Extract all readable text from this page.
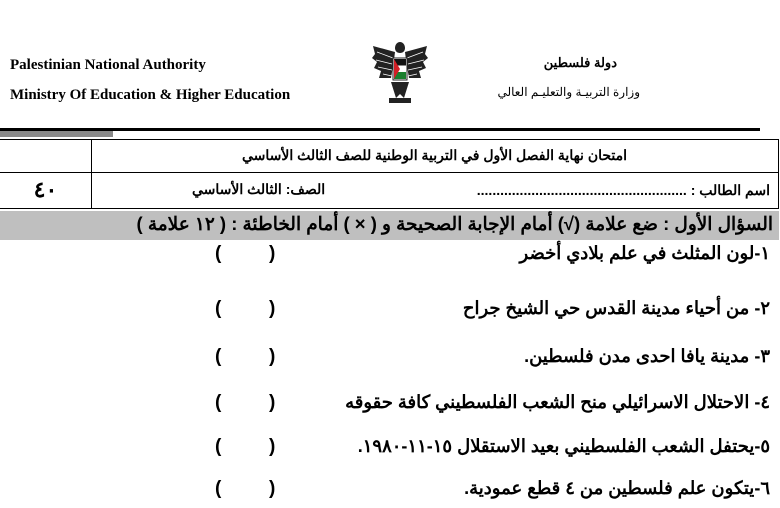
Palestinian National Authority
Ministry Of Education & Higher Education
دولة فلسطين
وزارة التربيـة والتعليـم العالي
امتحان نهاية الفصل الأول في التربية الوطنية للصف الثالث الأساسي
٤٠	الصف: الثالث الأساسي	اسم الطالب : ......................................................
السؤال الأول : ضع علامة (√) أمام الإجابة الصحيحة و ( × ) أمام الخاطئة : ( ١٢ علامة )
١-لون المثلث في علم بلادي أخضر
(	)
٢- من أحياء مدينة القدس حي الشيخ جراح
(	)
٣- مدينة يافا احدى مدن فلسطين.
(	)
٤- الاحتلال الاسرائيلي منح الشعب الفلسطيني كافة حقوقه
(	)
٥-يحتفل الشعب الفلسطيني بعيد الاستقلال ١٥-١١-١٩٨٠.
(	)
٦-يتكون علم فلسطين من ٤ قطع عمودية.
(	)
